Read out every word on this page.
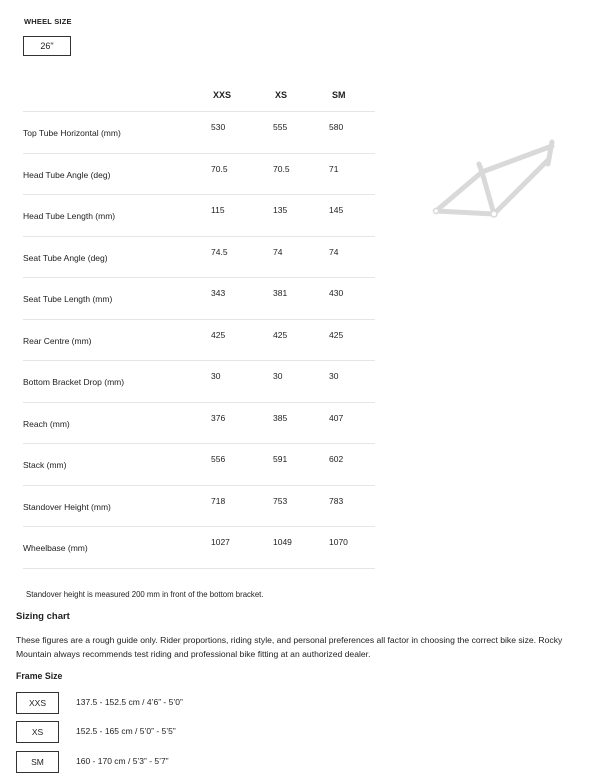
WHEEL SIZE
26"
XXS	XS	SM
Top Tube Horizontal (mm)
530	555	580
Head Tube Angle (deg)
70.5	70.5	71
Head Tube Length (mm)
115	135	145
Seat Tube Angle (deg)
74.5	74	74
Seat Tube Length (mm)
343	381	430
Rear Centre (mm)
425	425	425
Bottom Bracket Drop (mm)
30	30	30
Reach (mm)
376	385	407
Stack (mm)
556	591	602
Standover Height (mm)
718	753	783
Wheelbase (mm)
1027	1049	1070
Standover height is measured 200 mm in front of the bottom bracket.
Sizing chart
These figures are a rough guide only. Rider proportions, riding style, and personal preferences all factor in choosing the correct bike size. Rocky Mountain always recommends test riding and professional bike fitting at an authorized dealer.
Frame Size
XXS	137.5 - 152.5 cm / 4’6” - 5’0”
XS	152.5 - 165 cm / 5’0” - 5’5”
SM	160 - 170 cm / 5’3” - 5’7”
